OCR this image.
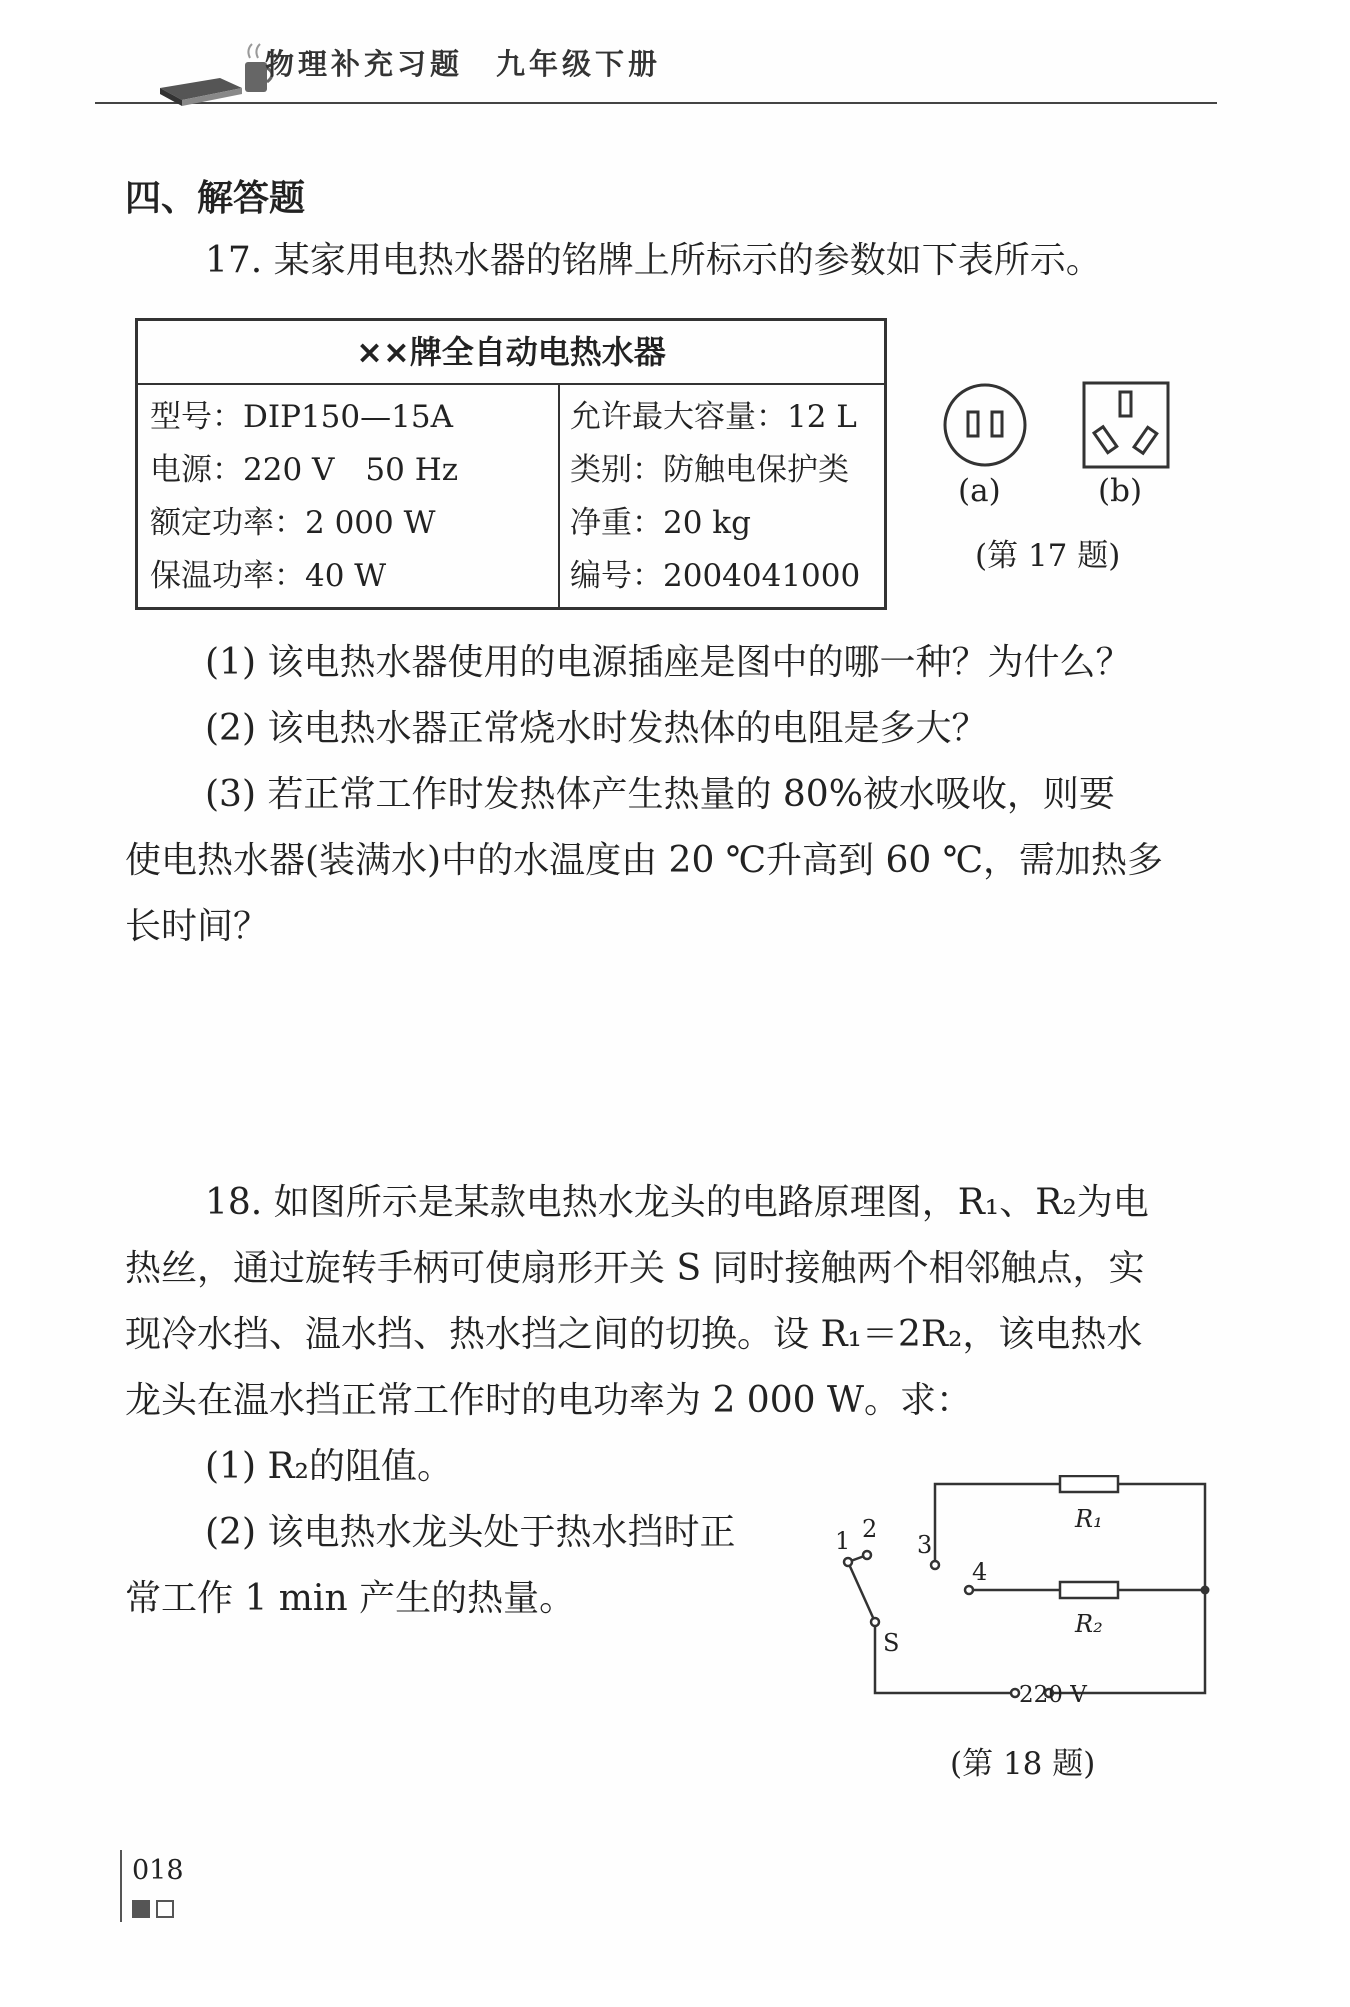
物理补充习题　九年级下册
四、解答题
17. 某家用电热水器的铭牌上所标示的参数如下表所示。
××牌全自动电热水器
型号：DIP150—15A
电源：220 V　50 Hz
额定功率：2 000 W
保温功率：40 W
允许最大容量：12 L
类别：防触电保护类
净重：20 kg
编号：2004041000
(a)	(b)
(第 17 题)
(1) 该电热水器使用的电源插座是图中的哪一种？为什么？
(2) 该电热水器正常烧水时发热体的电阻是多大？
(3) 若正常工作时发热体产生热量的 80%被水吸收，则要
使电热水器(装满水)中的水温度由 20 ℃升高到 60 ℃，需加热多
长时间？
18. 如图所示是某款电热水龙头的电路原理图，R₁、R₂为电
热丝，通过旋转手柄可使扇形开关 S 同时接触两个相邻触点，实
现冷水挡、温水挡、热水挡之间的切换。设 R₁＝2R₂，该电热水
龙头在温水挡正常工作时的电功率为 2 000 W。求：
(1) R₂的阻值。
(2) 该电热水龙头处于热水挡时正
常工作 1 min 产生的热量。
R₁
R₂
1 2
3
4
S
220 V
(第 18 题)
018
